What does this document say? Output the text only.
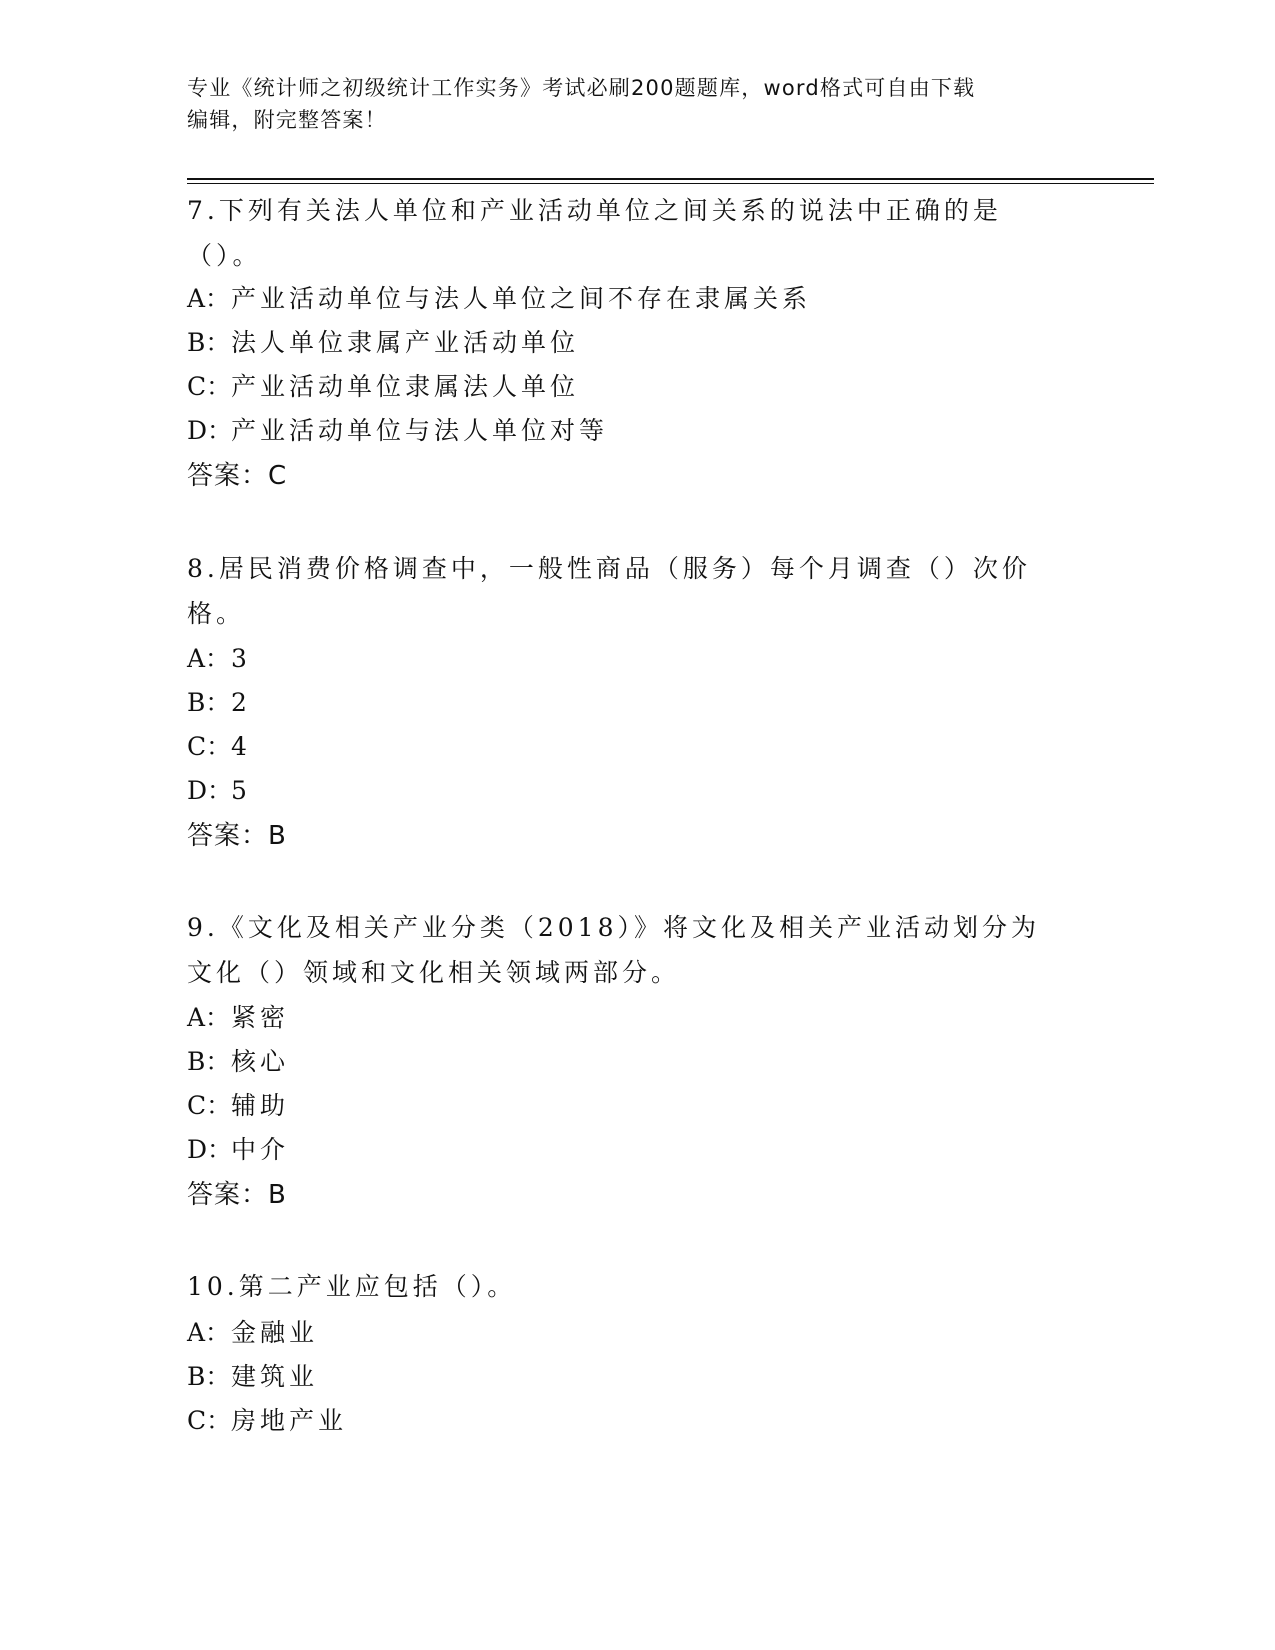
专业《统计师之初级统计工作实务》考试必刷200题题库，word格式可自由下载
编辑，附完整答案！
7.下列有关法人单位和产业活动单位之间关系的说法中正确的是（）。
A：产业活动单位与法人单位之间不存在隶属关系
B：法人单位隶属产业活动单位
C：产业活动单位隶属法人单位
D：产业活动单位与法人单位对等
答案：C
8.居民消费价格调查中，一般性商品（服务）每个月调查（）次价格。
A：3
B：2
C：4
D：5
答案：B
9.《文化及相关产业分类（2018）》将文化及相关产业活动划分为文化（）领域和文化相关领域两部分。
A：紧密
B：核心
C：辅助
D：中介
答案：B
10.第二产业应包括（）。
A：金融业
B：建筑业
C：房地产业
